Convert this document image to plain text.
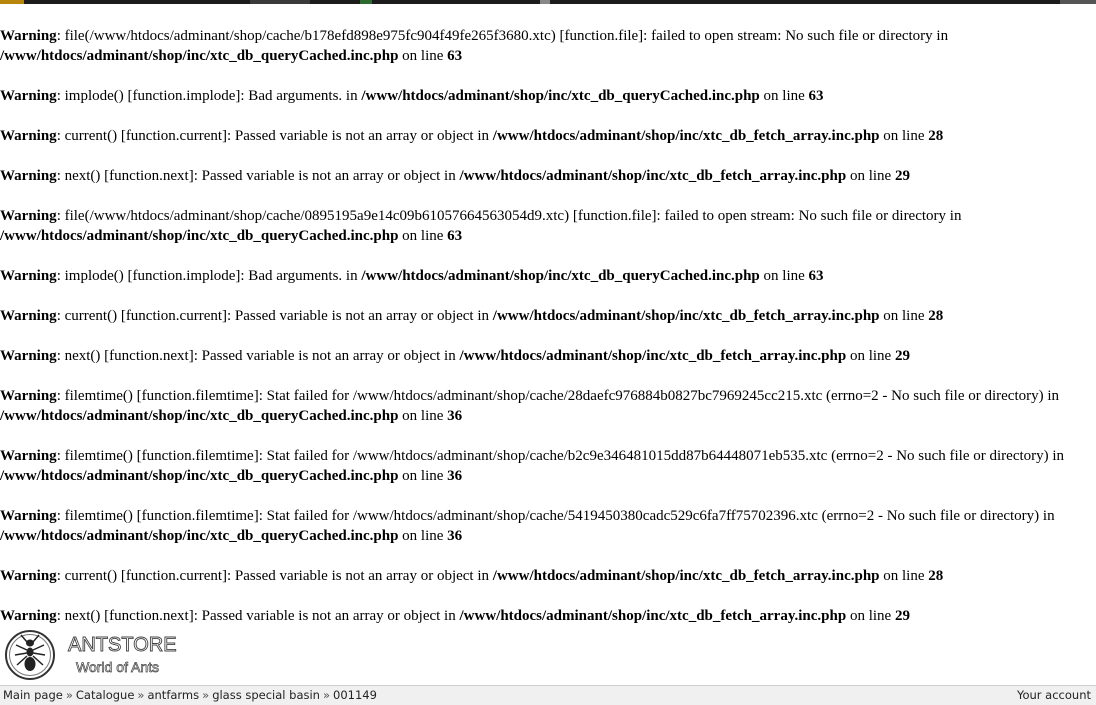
Warning: file(/www/htdocs/adminant/shop/cache/b178efd898e975fc904f49fe265f3680.xtc) [function.file]: failed to open stream: No such file or directory in /www/htdocs/adminant/shop/inc/xtc_db_queryCached.inc.php on line 63
Warning: implode() [function.implode]: Bad arguments. in /www/htdocs/adminant/shop/inc/xtc_db_queryCached.inc.php on line 63
Warning: current() [function.current]: Passed variable is not an array or object in /www/htdocs/adminant/shop/inc/xtc_db_fetch_array.inc.php on line 28
Warning: next() [function.next]: Passed variable is not an array or object in /www/htdocs/adminant/shop/inc/xtc_db_fetch_array.inc.php on line 29
Warning: file(/www/htdocs/adminant/shop/cache/0895195a9e14c09b61057664563054d9.xtc) [function.file]: failed to open stream: No such file or directory in /www/htdocs/adminant/shop/inc/xtc_db_queryCached.inc.php on line 63
Warning: implode() [function.implode]: Bad arguments. in /www/htdocs/adminant/shop/inc/xtc_db_queryCached.inc.php on line 63
Warning: current() [function.current]: Passed variable is not an array or object in /www/htdocs/adminant/shop/inc/xtc_db_fetch_array.inc.php on line 28
Warning: next() [function.next]: Passed variable is not an array or object in /www/htdocs/adminant/shop/inc/xtc_db_fetch_array.inc.php on line 29
Warning: filemtime() [function.filemtime]: Stat failed for /www/htdocs/adminant/shop/cache/28daefc976884b0827bc7969245cc215.xtc (errno=2 - No such file or directory) in /www/htdocs/adminant/shop/inc/xtc_db_queryCached.inc.php on line 36
Warning: filemtime() [function.filemtime]: Stat failed for /www/htdocs/adminant/shop/cache/b2c9e346481015dd87b64448071eb535.xtc (errno=2 - No such file or directory) in /www/htdocs/adminant/shop/inc/xtc_db_queryCached.inc.php on line 36
Warning: filemtime() [function.filemtime]: Stat failed for /www/htdocs/adminant/shop/cache/5419450380cadc529c6fa7ff75702396.xtc (errno=2 - No such file or directory) in /www/htdocs/adminant/shop/inc/xtc_db_queryCached.inc.php on line 36
Warning: current() [function.current]: Passed variable is not an array or object in /www/htdocs/adminant/shop/inc/xtc_db_fetch_array.inc.php on line 28
Warning: next() [function.next]: Passed variable is not an array or object in /www/htdocs/adminant/shop/inc/xtc_db_fetch_array.inc.php on line 29
ANTSTORE
World of Ants
Main page » Catalogue » antfarms » glass special basin » 001149	Your account
